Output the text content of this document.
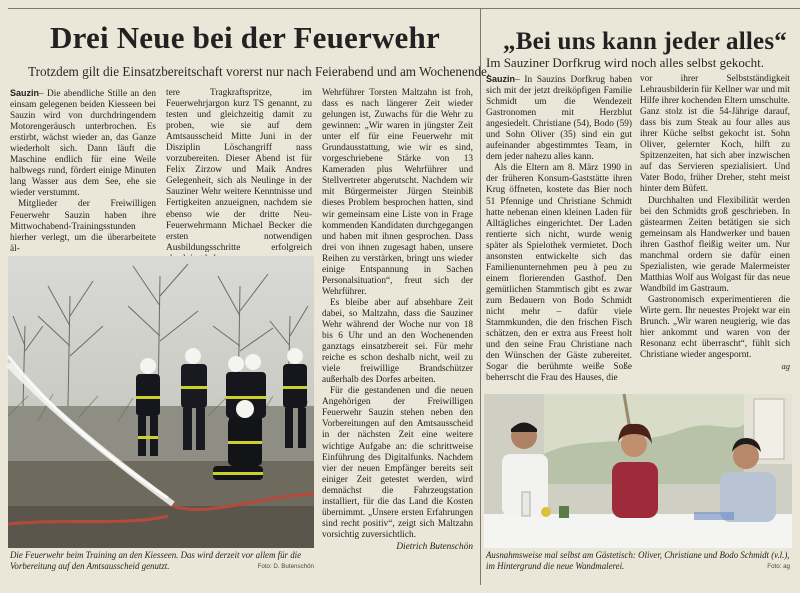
Drei Neue bei der Feuerwehr
Trotzdem gilt die Einsatzbereitschaft vorerst nur nach Feierabend und am Wochenende.

Sauzin– Die abendliche Stille an den einsam gelegenen beiden Kiesseen bei Sauzin wird von durchdringendem Motorengeräusch unterbrochen. Es erstirbt, wächst wieder an, das Ganze wiederholt sich. Dann läuft die Maschine endlich für eine Weile halbwegs rund, fördert einige Minuten lang Wasser aus dem See, ehe sie wieder verstummt.

Mitglieder der Freiwilligen Feuerwehr Sauzin haben ihre Mittwochabend-Trainingsstunden hierher verlegt, um die überarbeitete äl-

tere Tragkraftspritze, im Feuerwehrjargon kurz TS genannt, zu testen und gleichzeitig damit zu proben, wie sie auf dem Amtsausscheid Mitte Juni in der Disziplin Löschangriff nass vorzubereiten. Dieser Abend ist für Felix Zirzow und Maik Andres Gelegenheit, sich als Neulinge in der Sauziner Wehr weitere Kenntnisse und Fertigkeiten anzueignen, nachdem sie ebenso wie der dritte Neu-Feuerwehrmann Michael Becker die ersten notwendigen Ausbildungsschritte erfolgreich

Wehrführer Torsten Maltzahn ist froh, dass es nach längerer Zeit wieder gelungen ist, Zuwachs für die Wehr zu gewinnen: „Wir waren in jüngster Zeit unter elf für eine Feuerwehr mit Grundausstattung, wie wir es sind, vorgeschriebene Stärke von 13 Kameraden plus Wehrführer und Stellvertreter abgerutscht. Nachdem wir mit Bürgermeister Jürgen Steinbiß dieses Problem besprochen hatten, sind wir gemeinsam eine Liste von in Frage kommenden Kandidaten durchgegangen und haben mit ihnen gesprochen. Dass drei von ihnen zugesagt haben, unsere Reihen zu verstärken, bringt uns wieder einige Entspannung in Sachen Personalsituation“, freut sich der Wehrführer.

Es bleibe aber auf absehbare Zeit dabei, so Maltzahn, dass die Sauziner Wehr während der Woche nur von 18 bis 6 Uhr und an den Wochenenden ganztags einsatzbereit sei. Für mehr reiche es schon deshalb nicht, weil zu viele freiwillige Brandschützer außerhalb des Dorfes arbeiten.

Für die gestandenen und die neuen Angehörigen der Freiwilligen Feuerwehr Sauzin stehen neben den Vorbereitungen auf den Amtsausscheid in der nächsten Zeit eine weitere wichtige Aufgabe an: die schrittweise Einführung des Digitalfunks. Nachdem vier der neuen Empfänger bereits seit einiger Zeit getestet werden, wird demnächst die Fahrzeugstation installiert, für die das Land die Kosten übernimmt. „Unsere ersten Erfahrungen sind recht positiv“, zeigt sich Maltzahn vorsichtig zuversichtlich.

Dietrich Butenschön
Die Feuerwehr beim Training an den Kiesseen. Das wird derzeit vor allem für die Vorbereitung auf den Amtsausscheid genutzt.	Foto: D. Butenschön
„Bei uns kann jeder alles“
Im Sauziner Dorfkrug wird noch alles selbst gekocht.

Sauzin– In Sauzins Dorfkrug haben sich mit der jetzt dreiköpfigen Familie Schmidt um die Wendezeit Gastronomen mit Herzblut angesiedelt. Christiane (54), Bodo (59) und Sohn Oliver (35) sind ein gut aufeinander abgestimmtes Team, in dem jeder nahezu alles kann.

Als die Eltern am 8. März 1990 in der früheren Konsum-Gaststätte ihren Krug öffneten, kostete das Bier noch 51 Pfennige und Christiane Schmidt hatte nebenan einen kleinen Laden für Alltägliches eingerichtet. Der Laden rentierte sich nicht, wurde wenig später als Spielothek vermietet. Doch ansonsten entwickelte sich das Familienunternehmen peu à peu zu einem florierenden Gasthof. Den gemütlichen Stammtisch gibt es zwar zum Bedauern von Bodo Schmidt nicht mehr – dafür viele Stammkunden, die den frischen Fisch schätzen, den er extra aus Freest holt und den seine Frau Christiane nach den Wünschen der Gäste zubereitet. Sogar die berühmte weiße Soße beherrscht die Frau des Hauses, die

vor ihrer Selbstständigkeit Lehrausbilderin für Kellner war und mit Hilfe ihrer kochenden Eltern umschulte. Ganz stolz ist die 54-Jährige darauf, dass bis zum Steak au four alles aus ihrer Küche selbst gekocht ist. Sohn Oliver, gelernter Koch, hilft zu Spitzenzeiten, hat sich aber inzwischen auf das Servieren spezialisiert. Und Vater Bodo, früher Dreher, steht meist hinter dem Büfett.

Durchhalten und Flexibilität werden bei den Schmidts groß geschrieben. In gästearmen Zeiten betätigen sie sich gemeinsam als Handwerker und bauen ihren Gasthof fleißig weiter um. Nur manchmal ordern sie dafür einen Spezialisten, wie gerade Malermeister Matthias Wolf aus Wolgast für das neue Wandbild im Gastraum.

Gastronomisch experimentieren die Wirte gern. Ihr neuestes Projekt war ein Brunch. „Wir waren neugierig, wie das hier ankommt und waren von der Resonanz echt überrascht“, fühlt sich Christiane wieder angespornt.

ag
Ausnahmsweise mal selbst am Gästetisch: Oliver, Christiane und Bodo Schmidt (v.l.), im Hintergrund die neue Wandmalerei.	Foto: ag
